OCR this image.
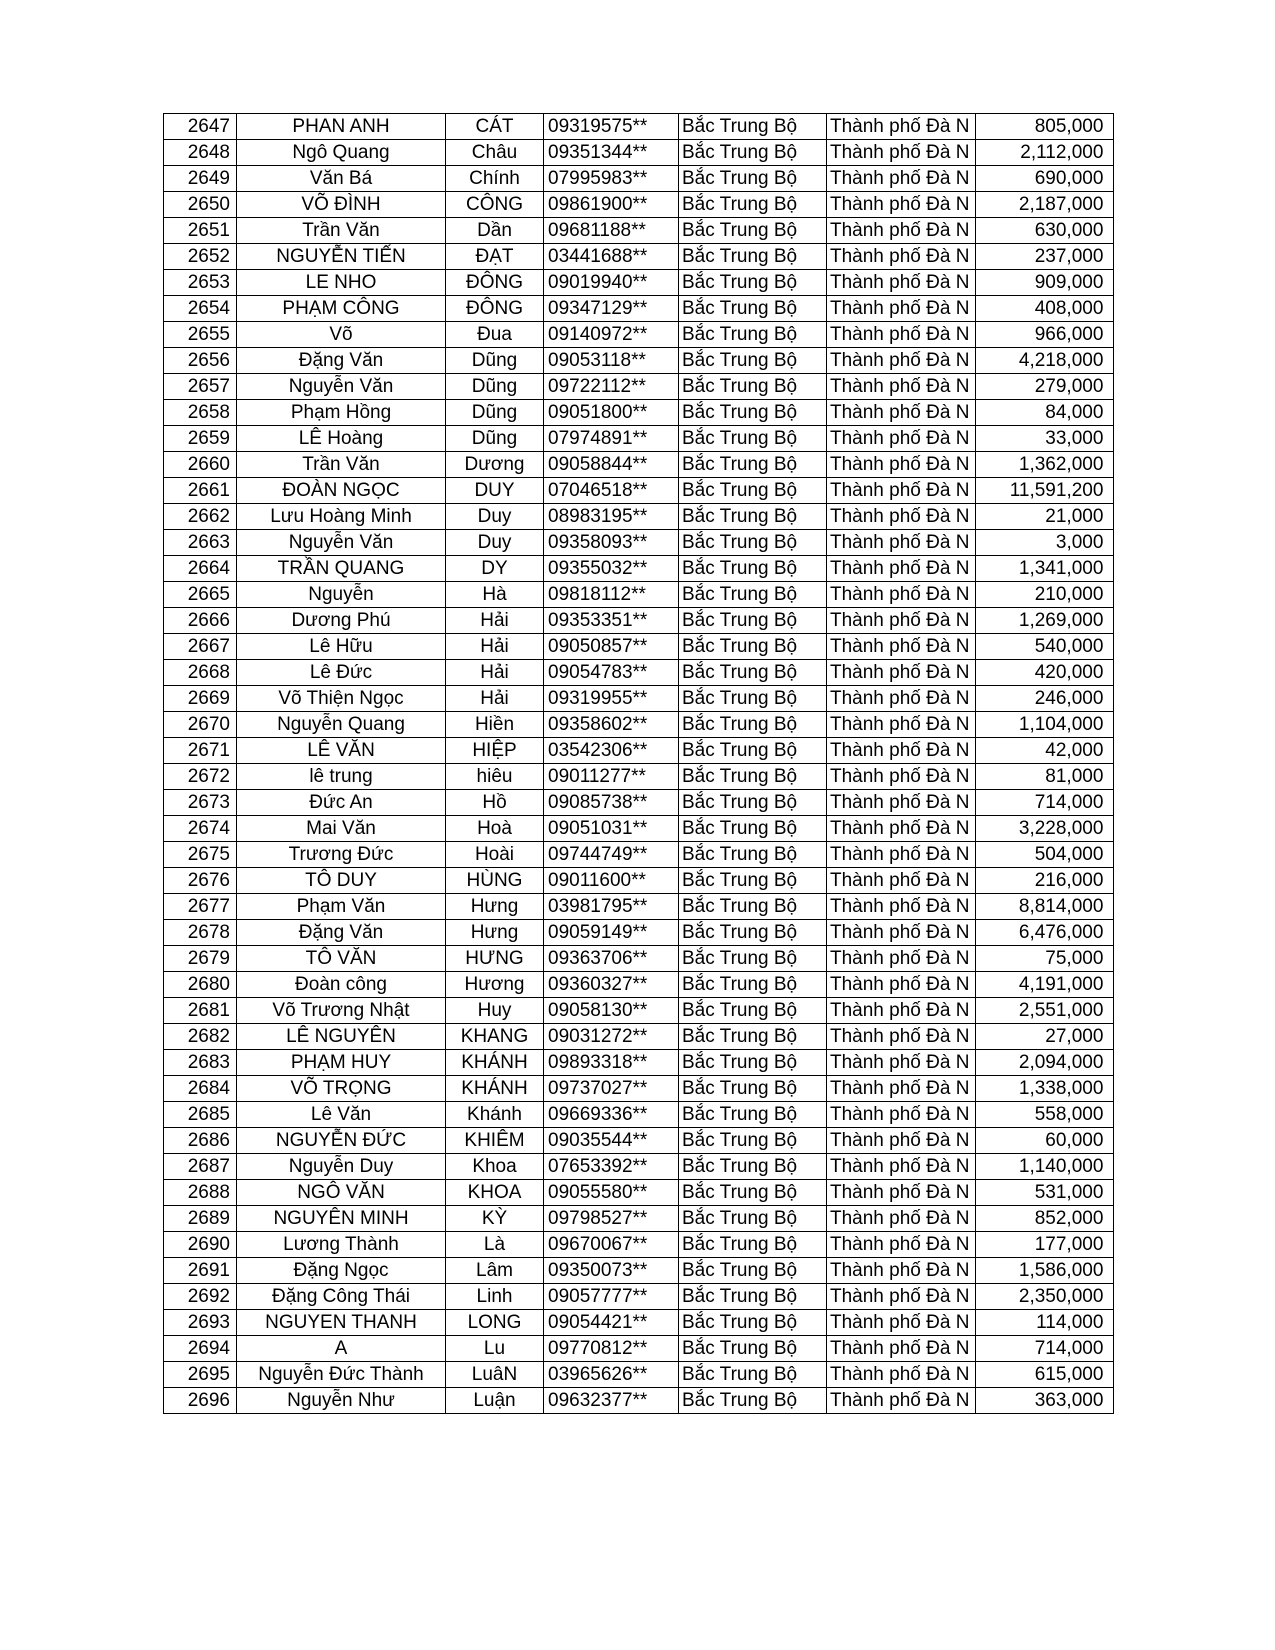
2647	PHAN ANH	CÁT	09319575**	Bắc Trung Bộ	Thành phố Đà N	805,000
2648	Ngô Quang	Châu	09351344**	Bắc Trung Bộ	Thành phố Đà N	2,112,000
2649	Văn Bá	Chính	07995983**	Bắc Trung Bộ	Thành phố Đà N	690,000
2650	VÕ ĐÌNH	CÔNG	09861900**	Bắc Trung Bộ	Thành phố Đà N	2,187,000
2651	Trần Văn	Dần	09681188**	Bắc Trung Bộ	Thành phố Đà N	630,000
2652	NGUYỄN TIẾN	ĐẠT	03441688**	Bắc Trung Bộ	Thành phố Đà N	237,000
2653	LE NHO	ĐÔNG	09019940**	Bắc Trung Bộ	Thành phố Đà N	909,000
2654	PHẠM CÔNG	ĐÔNG	09347129**	Bắc Trung Bộ	Thành phố Đà N	408,000
2655	Võ	Đua	09140972**	Bắc Trung Bộ	Thành phố Đà N	966,000
2656	Đặng Văn	Dũng	09053118**	Bắc Trung Bộ	Thành phố Đà N	4,218,000
2657	Nguyễn Văn	Dũng	09722112**	Bắc Trung Bộ	Thành phố Đà N	279,000
2658	Phạm Hồng	Dũng	09051800**	Bắc Trung Bộ	Thành phố Đà N	84,000
2659	LÊ Hoàng	Dũng	07974891**	Bắc Trung Bộ	Thành phố Đà N	33,000
2660	Trần Văn	Dương	09058844**	Bắc Trung Bộ	Thành phố Đà N	1,362,000
2661	ĐOÀN NGỌC	DUY	07046518**	Bắc Trung Bộ	Thành phố Đà N	11,591,200
2662	Lưu Hoàng Minh	Duy	08983195**	Bắc Trung Bộ	Thành phố Đà N	21,000
2663	Nguyễn Văn	Duy	09358093**	Bắc Trung Bộ	Thành phố Đà N	3,000
2664	TRẦN QUANG	DY	09355032**	Bắc Trung Bộ	Thành phố Đà N	1,341,000
2665	Nguyễn	Hà	09818112**	Bắc Trung Bộ	Thành phố Đà N	210,000
2666	Dương Phú	Hải	09353351**	Bắc Trung Bộ	Thành phố Đà N	1,269,000
2667	Lê Hữu	Hải	09050857**	Bắc Trung Bộ	Thành phố Đà N	540,000
2668	Lê Đức	Hải	09054783**	Bắc Trung Bộ	Thành phố Đà N	420,000
2669	Võ Thiện Ngọc	Hải	09319955**	Bắc Trung Bộ	Thành phố Đà N	246,000
2670	Nguyễn Quang	Hiền	09358602**	Bắc Trung Bộ	Thành phố Đà N	1,104,000
2671	LÊ VĂN	HIỆP	03542306**	Bắc Trung Bộ	Thành phố Đà N	42,000
2672	lê trung	hiêu	09011277**	Bắc Trung Bộ	Thành phố Đà N	81,000
2673	Đức An	Hồ	09085738**	Bắc Trung Bộ	Thành phố Đà N	714,000
2674	Mai Văn	Hoà	09051031**	Bắc Trung Bộ	Thành phố Đà N	3,228,000
2675	Trương Đức	Hoài	09744749**	Bắc Trung Bộ	Thành phố Đà N	504,000
2676	TÔ DUY	HÙNG	09011600**	Bắc Trung Bộ	Thành phố Đà N	216,000
2677	Phạm Văn	Hưng	03981795**	Bắc Trung Bộ	Thành phố Đà N	8,814,000
2678	Đặng Văn	Hưng	09059149**	Bắc Trung Bộ	Thành phố Đà N	6,476,000
2679	TÔ VĂN	HƯNG	09363706**	Bắc Trung Bộ	Thành phố Đà N	75,000
2680	Đoàn công	Hương	09360327**	Bắc Trung Bộ	Thành phố Đà N	4,191,000
2681	Võ Trương Nhật	Huy	09058130**	Bắc Trung Bộ	Thành phố Đà N	2,551,000
2682	LÊ NGUYÊN	KHANG	09031272**	Bắc Trung Bộ	Thành phố Đà N	27,000
2683	PHẠM HUY	KHÁNH	09893318**	Bắc Trung Bộ	Thành phố Đà N	2,094,000
2684	VÕ TRỌNG	KHÁNH	09737027**	Bắc Trung Bộ	Thành phố Đà N	1,338,000
2685	Lê Văn	Khánh	09669336**	Bắc Trung Bộ	Thành phố Đà N	558,000
2686	NGUYỄN ĐỨC	KHIÊM	09035544**	Bắc Trung Bộ	Thành phố Đà N	60,000
2687	Nguyễn Duy	Khoa	07653392**	Bắc Trung Bộ	Thành phố Đà N	1,140,000
2688	NGÔ VĂN	KHOA	09055580**	Bắc Trung Bộ	Thành phố Đà N	531,000
2689	NGUYÊN MINH	KỲ	09798527**	Bắc Trung Bộ	Thành phố Đà N	852,000
2690	Lương Thành	Là	09670067**	Bắc Trung Bộ	Thành phố Đà N	177,000
2691	Đặng Ngọc	Lâm	09350073**	Bắc Trung Bộ	Thành phố Đà N	1,586,000
2692	Đặng Công Thái	Linh	09057777**	Bắc Trung Bộ	Thành phố Đà N	2,350,000
2693	NGUYEN THANH	LONG	09054421**	Bắc Trung Bộ	Thành phố Đà N	114,000
2694	A	Lu	09770812**	Bắc Trung Bộ	Thành phố Đà N	714,000
2695	Nguyễn Đức Thành	LuâN	03965626**	Bắc Trung Bộ	Thành phố Đà N	615,000
2696	Nguyễn Như	Luận	09632377**	Bắc Trung Bộ	Thành phố Đà N	363,000
